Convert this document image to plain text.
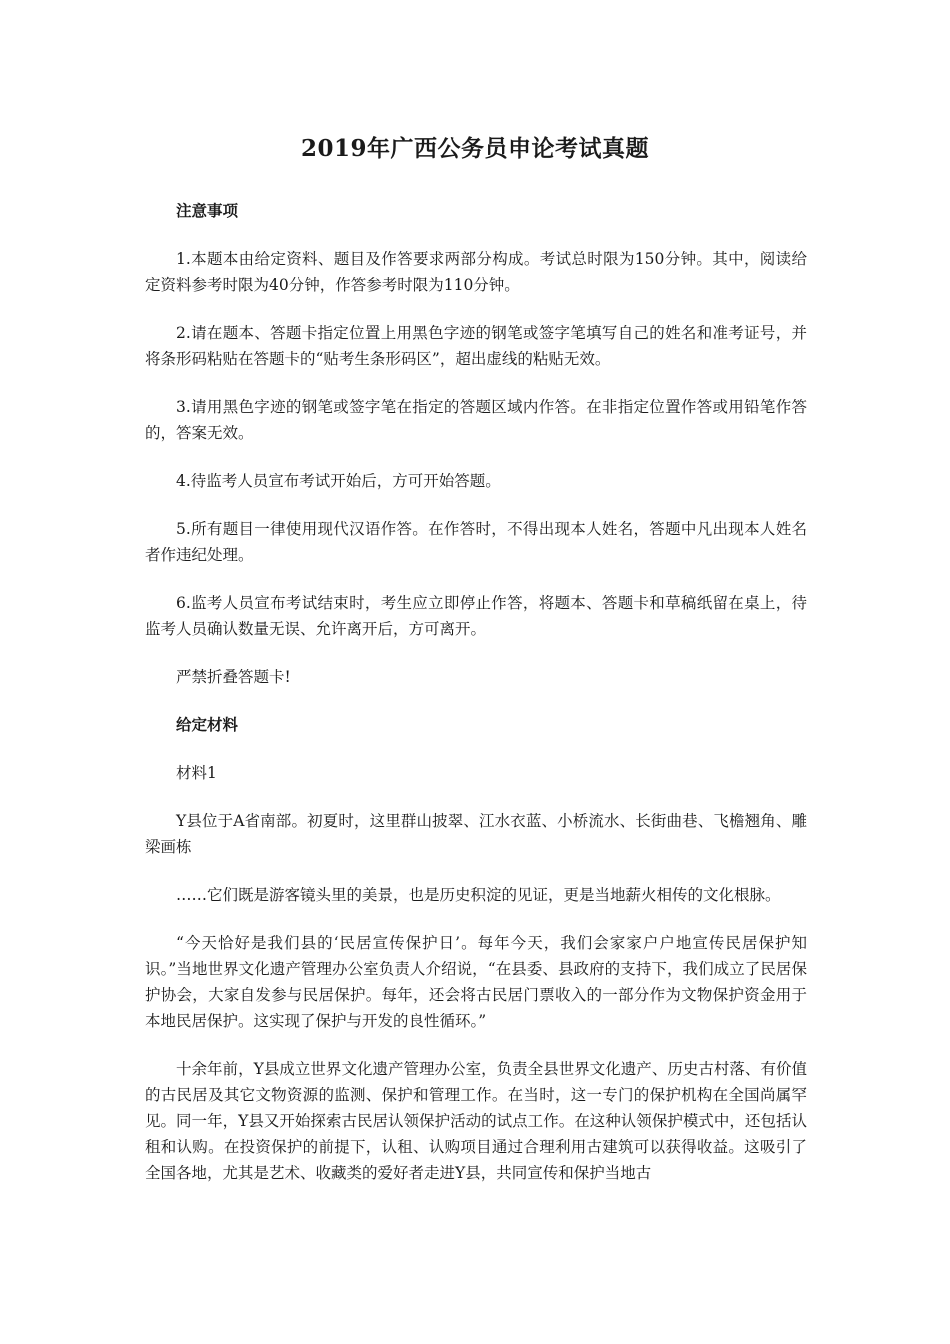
2019年广西公务员申论考试真题

注意事项

1.本题本由给定资料、题目及作答要求两部分构成。考试总时限为150分钟。其中，阅读给定资料参考时限为40分钟，作答参考时限为110分钟。

2.请在题本、答题卡指定位置上用黑色字迹的钢笔或签字笔填写自己的姓名和准考证号，并将条形码粘贴在答题卡的“贴考生条形码区”，超出虚线的粘贴无效。

3.请用黑色字迹的钢笔或签字笔在指定的答题区域内作答。在非指定位置作答或用铅笔作答的，答案无效。

4.待监考人员宣布考试开始后，方可开始答题。

5.所有题目一律使用现代汉语作答。在作答时，不得出现本人姓名，答题中凡出现本人姓名者作违纪处理。

6.监考人员宣布考试结束时，考生应立即停止作答，将题本、答题卡和草稿纸留在桌上，待监考人员确认数量无误、允许离开后，方可离开。

严禁折叠答题卡!

给定材料

材料1

Y县位于A省南部。初夏时，这里群山披翠、江水衣蓝、小桥流水、长街曲巷、飞檐翘角、雕梁画栋

……它们既是游客镜头里的美景，也是历史积淀的见证，更是当地薪火相传的文化根脉。

“今天恰好是我们县的‘民居宣传保护日’。每年今天，我们会家家户户地宣传民居保护知识。”当地世界文化遗产管理办公室负责人介绍说，“在县委、县政府的支持下，我们成立了民居保护协会，大家自发参与民居保护。每年，还会将古民居门票收入的一部分作为文物保护资金用于本地民居保护。这实现了保护与开发的良性循环。”

十余年前，Y县成立世界文化遗产管理办公室，负责全县世界文化遗产、历史古村落、有价值的古民居及其它文物资源的监测、保护和管理工作。在当时，这一专门的保护机构在全国尚属罕见。同一年，Y县又开始探索古民居认领保护活动的试点工作。在这种认领保护模式中，还包括认租和认购。在投资保护的前提下，认租、认购项目通过合理利用古建筑可以获得收益。这吸引了全国各地，尤其是艺术、收藏类的爱好者走进Y县，共同宣传和保护当地古
